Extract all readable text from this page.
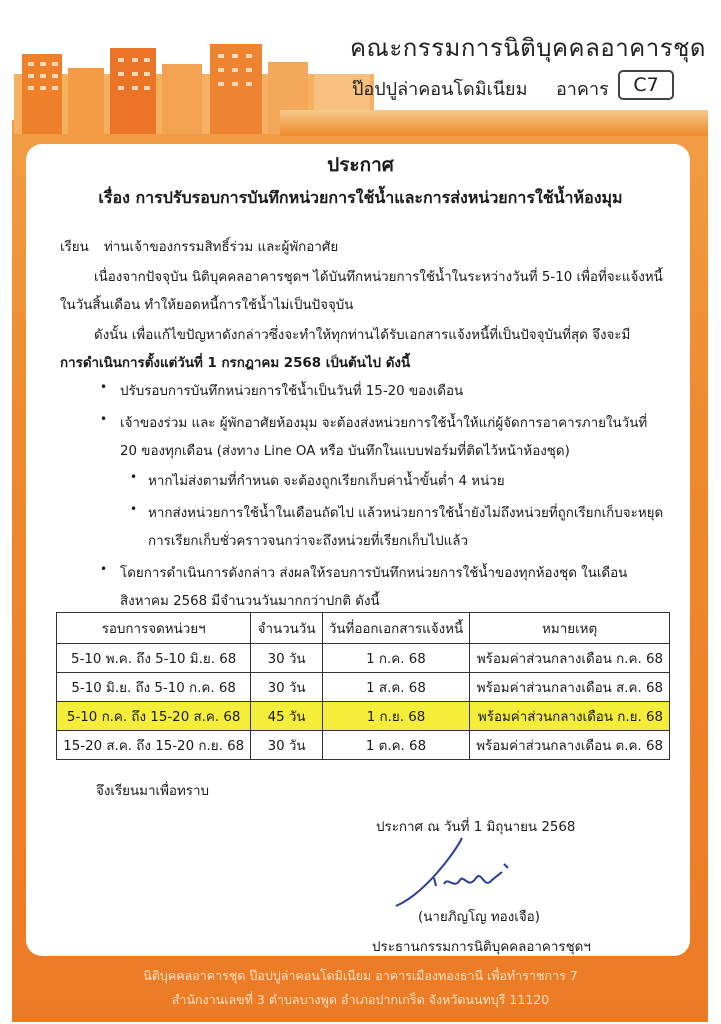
คณะกรรมการนิติบุคคลอาคารชุด
ป๊อปปูล่าคอนโดมิเนียม อาคาร	C7
ประกาศ
เรื่อง การปรับรอบการบันทึกหน่วยการใช้น้ำและการส่งหน่วยการใช้น้ำห้องมุม
เรียน ท่านเจ้าของกรรมสิทธิ์ร่วม และผู้พักอาศัย
เนื่องจากปัจจุบัน นิติบุคคลอาคารชุดฯ ได้บันทึกหน่วยการใช้น้ำในระหว่างวันที่ 5-10 เพื่อที่จะแจ้งหนี้
ในวันสิ้นเดือน ทำให้ยอดหนี้การใช้น้ำไม่เป็นปัจจุบัน
ดังนั้น เพื่อแก้ไขปัญหาดังกล่าวซึ่งจะทำให้ทุกท่านได้รับเอกสารแจ้งหนี้ที่เป็นปัจจุบันที่สุด จึงจะมี
การดำเนินการตั้งแต่วันที่ 1 กรกฎาคม 2568 เป็นต้นไป ดังนี้
• ปรับรอบการบันทึกหน่วยการใช้น้ำเป็นวันที่ 15-20 ของเดือน
• เจ้าของร่วม และ ผู้พักอาศัยห้องมุม จะต้องส่งหน่วยการใช้น้ำให้แก่ผู้จัดการอาคารภายในวันที่
20 ของทุกเดือน (ส่งทาง Line OA หรือ บันทึกในแบบฟอร์มที่ติดไว้หน้าห้องชุด)
• หากไม่ส่งตามที่กำหนด จะต้องถูกเรียกเก็บค่าน้ำขั้นต่ำ 4 หน่วย
• หากส่งหน่วยการใช้น้ำในเดือนถัดไป แล้วหน่วยการใช้น้ำยังไม่ถึงหน่วยที่ถูกเรียกเก็บจะหยุด
การเรียกเก็บชั่วคราวจนกว่าจะถึงหน่วยที่เรียกเก็บไปแล้ว
• โดยการดำเนินการดังกล่าว ส่งผลให้รอบการบันทึกหน่วยการใช้น้ำของทุกห้องชุด ในเดือน
สิงหาคม 2568 มีจำนวนวันมากกว่าปกติ ดังนี้
รอบการจดหน่วยฯ	จำนวนวัน	วันที่ออกเอกสารแจ้งหนี้	หมายเหตุ
5-10 พ.ค. ถึง 5-10 มิ.ย. 68	30 วัน	1 ก.ค. 68	พร้อมค่าส่วนกลางเดือน ก.ค. 68
5-10 มิ.ย. ถึง 5-10 ก.ค. 68	30 วัน	1 ส.ค. 68	พร้อมค่าส่วนกลางเดือน ส.ค. 68
5-10 ก.ค. ถึง 15-20 ส.ค. 68	45 วัน	1 ก.ย. 68	พร้อมค่าส่วนกลางเดือน ก.ย. 68
15-20 ส.ค. ถึง 15-20 ก.ย. 68	30 วัน	1 ต.ค. 68	พร้อมค่าส่วนกลางเดือน ต.ค. 68
จึงเรียนมาเพื่อทราบ
ประกาศ ณ วันที่ 1 มิถุนายน 2568
(นายภิญโญ ทองเจือ)
ประธานกรรมการนิติบุคคลอาคารชุดฯ
นิติบุคคลอาคารชุด ป๊อปปูล่าคอนโดมิเนียม อาคารเมืองทองธานี เพื่อทำราชการ 7
สำนักงานเลขที่ 3 ตำบลบางพูด อำเภอปากเกร็ด จังหวัดนนทบุรี 11120
